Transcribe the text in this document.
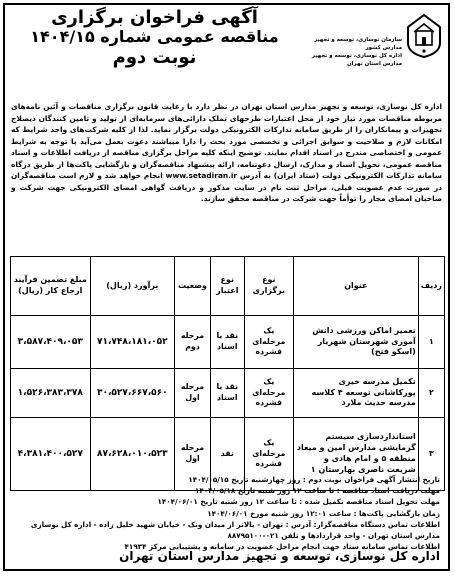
آگهی فراخوان برگزاری
مناقصه عمومی شماره ۱۴۰۴/۱۵
نوبت دوم
سازمان نوسازی، توسعه و تجهیز مدارس کشور
اداره کل نوسازی، توسعه و تجهیز مدارس استان تهران
اداره کل نوسازی، توسعه و تجهیز مدارس استان تهران در نظر دارد با رعایت قانون برگزاری مناقصات و آئین نامه‌های مربوطه مناقصات مورد نیاز خود از محل اعتبارات طرحهای تملک دارائی‌های سرمایه‌ای از تولید و تامین کنندگان ذیصلاح تجهیزات و پیمانکاران را از طریق سامانه تدارکات الکترونیکی دولت برگزار نماید. لذا از کلیه شرکت‌های واجد شرایط که امکانات لازم و صلاحیت و سوابق اجرائی و تخصصی مورد بحث را دارا میباشند دعوت بعمل می‌آید با توجه به شرایط عمومی و اختصاصی مندرج در اسناد اقدام نمایند. توضیح اینکه کلیه مراحل برگزاری مناقصه از دریافت اطلاعات و اسناد مناقصه عمومی، تحویل اسناد و مدارک، ارسال دعوتنامه، ارائه پیشنهاد مناقصه‌گران و بازگشایی پاکت‌ها از طریق درگاه سامانه تدارکات الکترونیکی دولت (ستاد ایران) به آدرس www.setadiran.ir انجام خواهد شد و لازم است مناقصه‌گران در صورت عدم عضویت قبلی، مراحل ثبت نام در سایت مذکور و دریافت گواهی امضای الکترونیکی جهت شرکت و صاحبان امضای مجاز را توأماً جهت شرکت در مناقصه محقق سازند.
ردیف	عنوان	نوع برگزاری	نوع اعتبار	وضعیت	برآورد (ریال)	مبلغ تضمین فرآیند ارجاع کار (ریال)
۱	تعمیر اماکن ورزشی دانش آموزی شهرستان شهریار (اسکو فتح)	یک مرحله‌ای فشرده	نقد یا اسناد	مرحله دوم	۷۱،۷۴۸،۱۸۱،۰۵۲	۳،۵۸۷،۴۰۹،۰۵۳
۲	تکمیل مدرسه خیری پورکاشانی توسعه ۴ کلاسه مدرسه حدیث ملارد	یک مرحله‌ای فشرده	نقد یا اسناد	مرحله اول	۳۰،۵۲۷،۶۶۷،۵۶۰	۱،۵۲۶،۳۸۳،۳۷۸
۳	استانداردسازی سیستم گرمایشی مدارس امین و میعاد منطقه ۵ و امام هادی و شریعت ناصری بهارستان ۱	یک مرحله‌ای فشرده	نقد	مرحله اول	۸۷،۶۲۸،۰۱۰،۵۲۳	۴،۳۸۱،۴۰۰،۵۲۷

تاریخ انتشار آگهی فراخوان نوبت دوم : روز چهارشنبه تاریخ ۱۴۰۴/۰۵/۱۵

مهلت دریافت اسناد مناقصه : تا ساعت ۱۲ روز شنبه تاریخ ۱۴۰۴/۰۵/۱۸

مهلت تحویل اسناد مناقصه تکمیل شده : تا ساعت ۱۲ روز شنبه تاریخ ۱۴۰۴/۰۶/۰۱

زمان بازگشایی پاکت‌ها : ساعت ۱۲:۰۱ روز شنبه مورخ ۱۴۰۴/۰۶/۰۱

اطلاعات تماس دستگاه مناقصه‌گزار: آدرس : تهران - بالاتر از میدان ونک - خیابان شهید خلیل زاده - اداره کل نوسازی مدارس استان تهران - واحد قراردادها و تلفن ۰۲۱-۸۸۷۹۵۱۰۰

اطلاعات تماس سامانه ستاد جهت انجام مراحل عضویت در سامانه و پشتیبانی مرکز ۴۱۹۳۴

اداره کل نوسازی، توسعه و تجهیز مدارس استان تهران
